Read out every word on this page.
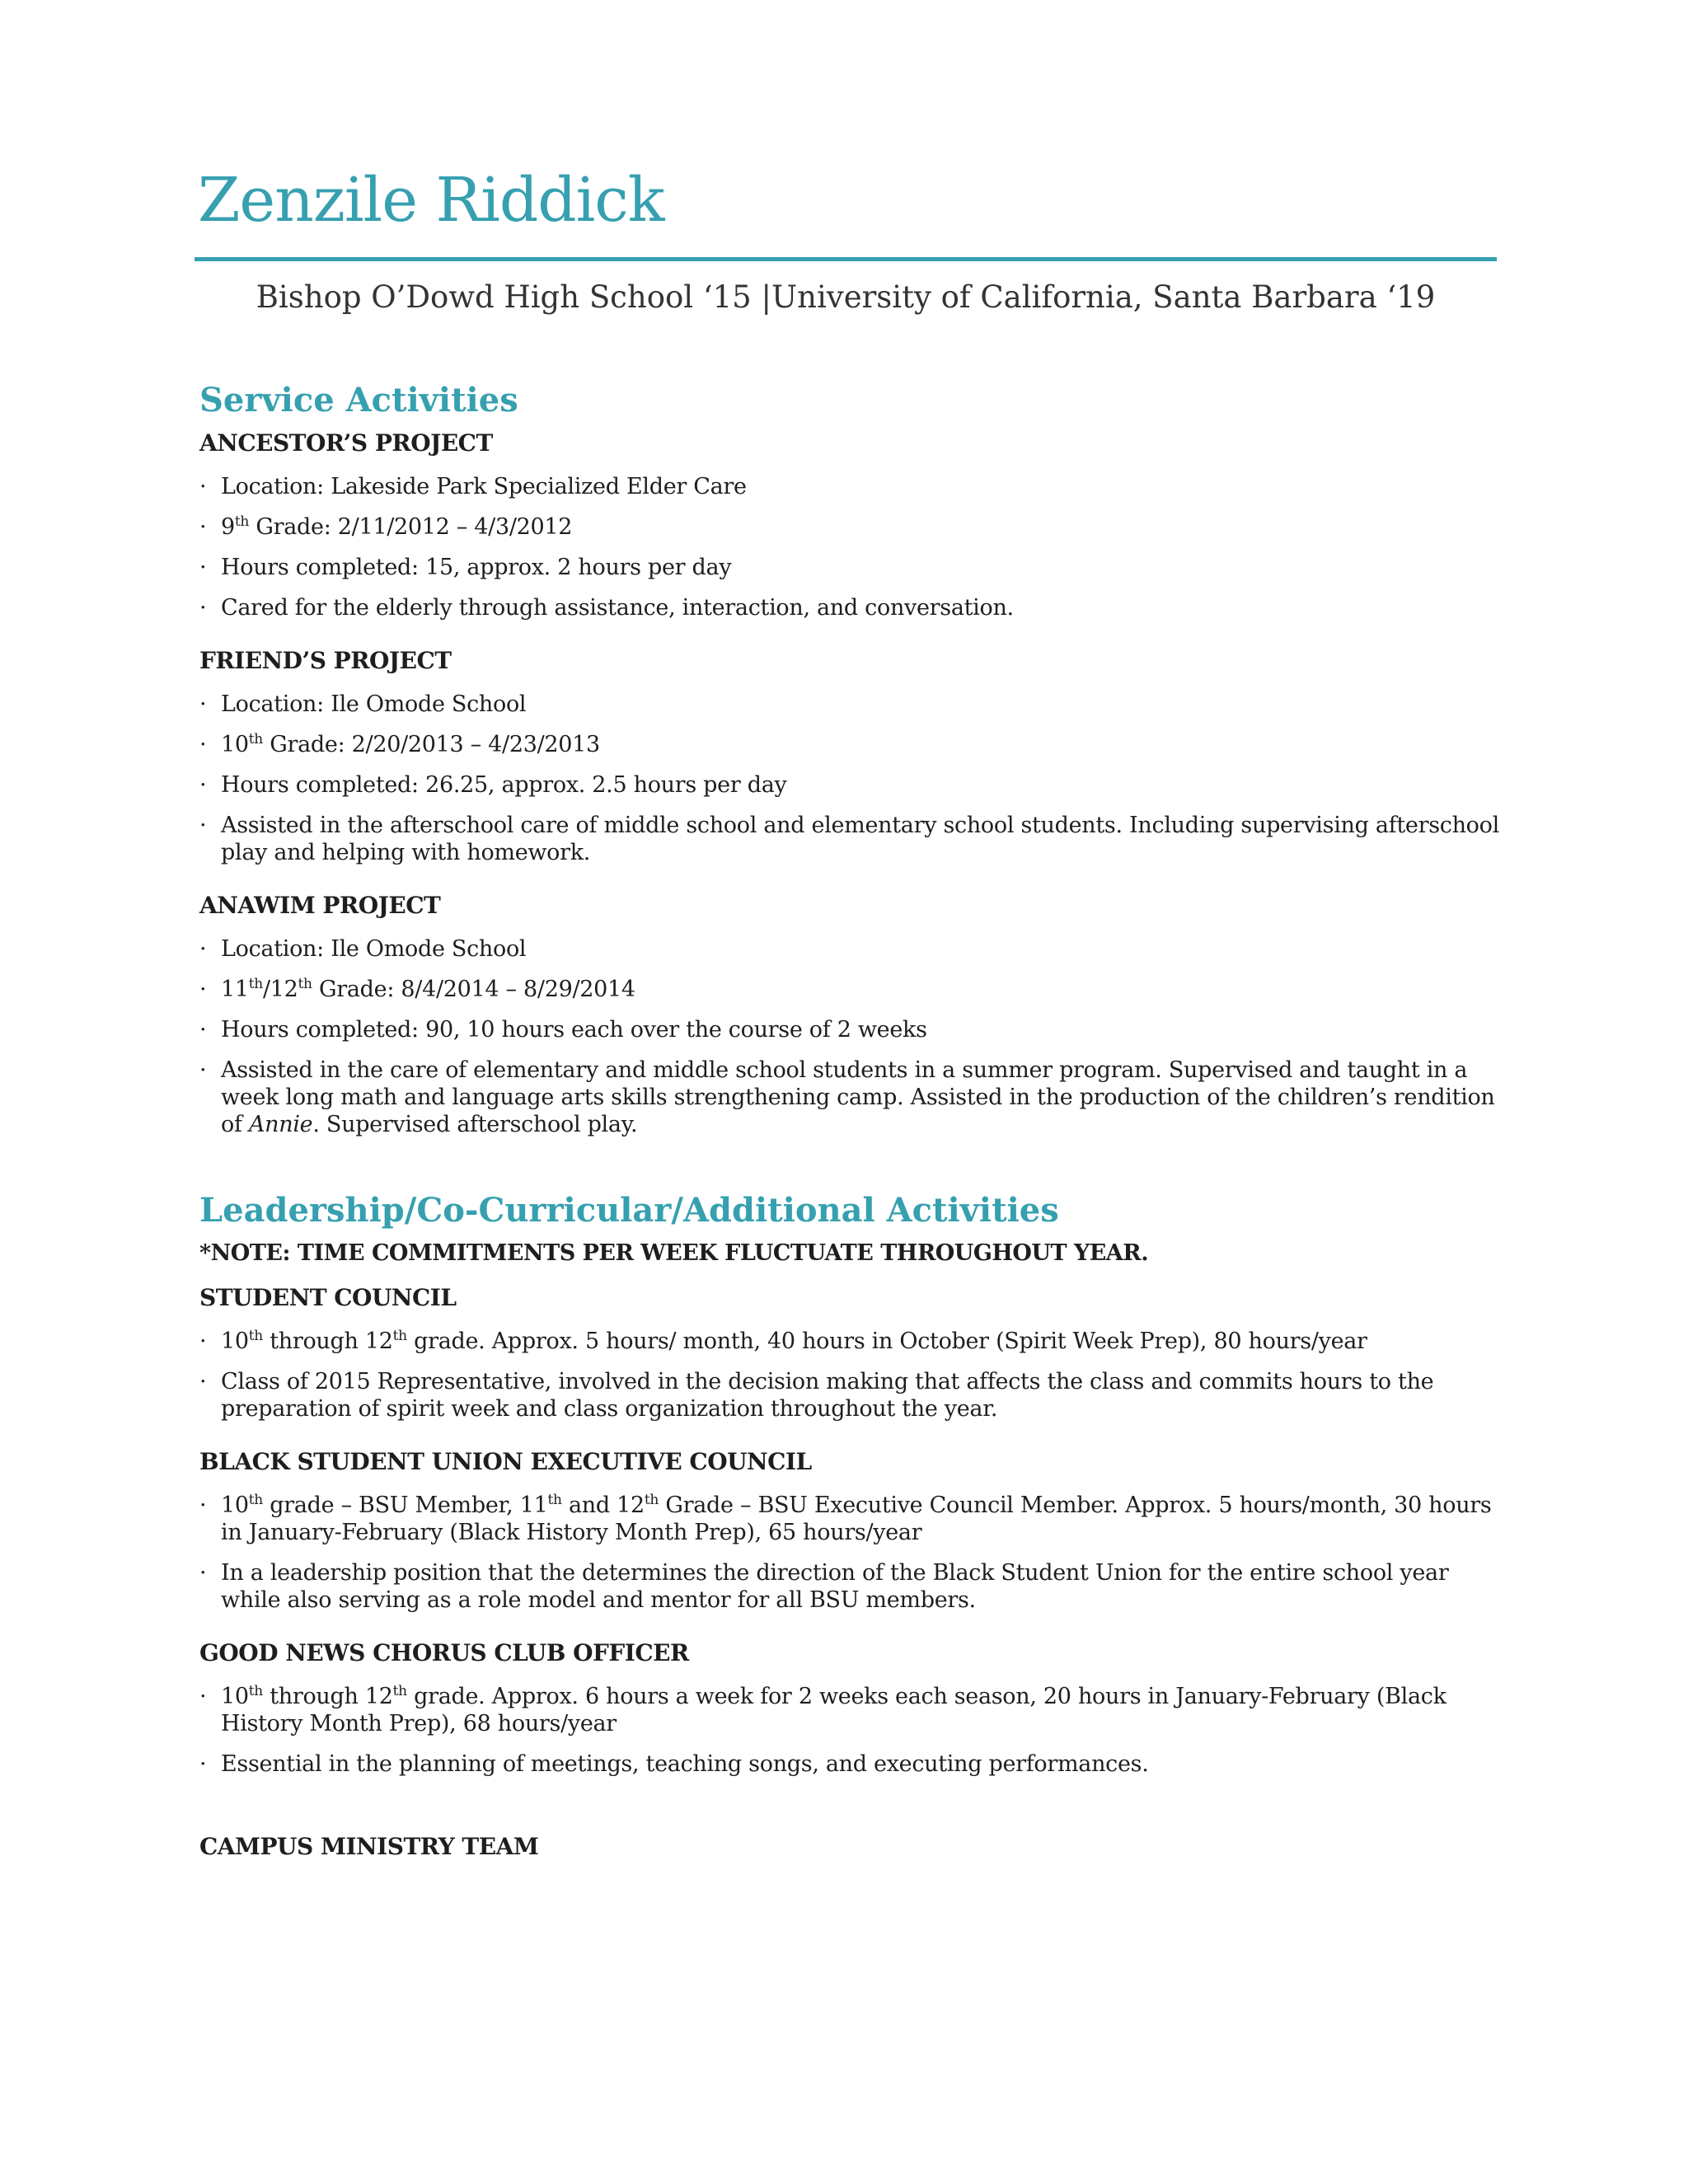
Zenzile Riddick
Bishop O’Dowd High School ‘15 |University of California, Santa Barbara ‘19
Service Activities
ANCESTOR’S PROJECT
· Location: Lakeside Park Specialized Elder Care
· 9th Grade: 2/11/2012 – 4/3/2012
· Hours completed: 15, approx. 2 hours per day
· Cared for the elderly through assistance, interaction, and conversation.
FRIEND’S PROJECT
· Location: Ile Omode School
· 10th Grade: 2/20/2013 – 4/23/2013
· Hours completed: 26.25, approx. 2.5 hours per day
· Assisted in the afterschool care of middle school and elementary school students. Including supervising afterschool play and helping with homework.
ANAWIM PROJECT
· Location: Ile Omode School
· 11th/12th Grade: 8/4/2014 – 8/29/2014
· Hours completed: 90, 10 hours each over the course of 2 weeks
· Assisted in the care of elementary and middle school students in a summer program. Supervised and taught in a week long math and language arts skills strengthening camp. Assisted in the production of the children’s rendition of Annie. Supervised afterschool play.
Leadership/Co-Curricular/Additional Activities
*NOTE: TIME COMMITMENTS PER WEEK FLUCTUATE THROUGHOUT YEAR.
STUDENT COUNCIL
· 10th through 12th grade. Approx. 5 hours/ month, 40 hours in October (Spirit Week Prep), 80 hours/year
· Class of 2015 Representative, involved in the decision making that affects the class and commits hours to the preparation of spirit week and class organization throughout the year.
BLACK STUDENT UNION EXECUTIVE COUNCIL
· 10th grade – BSU Member, 11th and 12th Grade – BSU Executive Council Member. Approx. 5 hours/month, 30 hours in January-February (Black History Month Prep), 65 hours/year
· In a leadership position that the determines the direction of the Black Student Union for the entire school year while also serving as a role model and mentor for all BSU members.
GOOD NEWS CHORUS CLUB OFFICER
· 10th through 12th grade. Approx. 6 hours a week for 2 weeks each season, 20 hours in January-February (Black History Month Prep), 68 hours/year
· Essential in the planning of meetings, teaching songs, and executing performances.
CAMPUS MINISTRY TEAM
